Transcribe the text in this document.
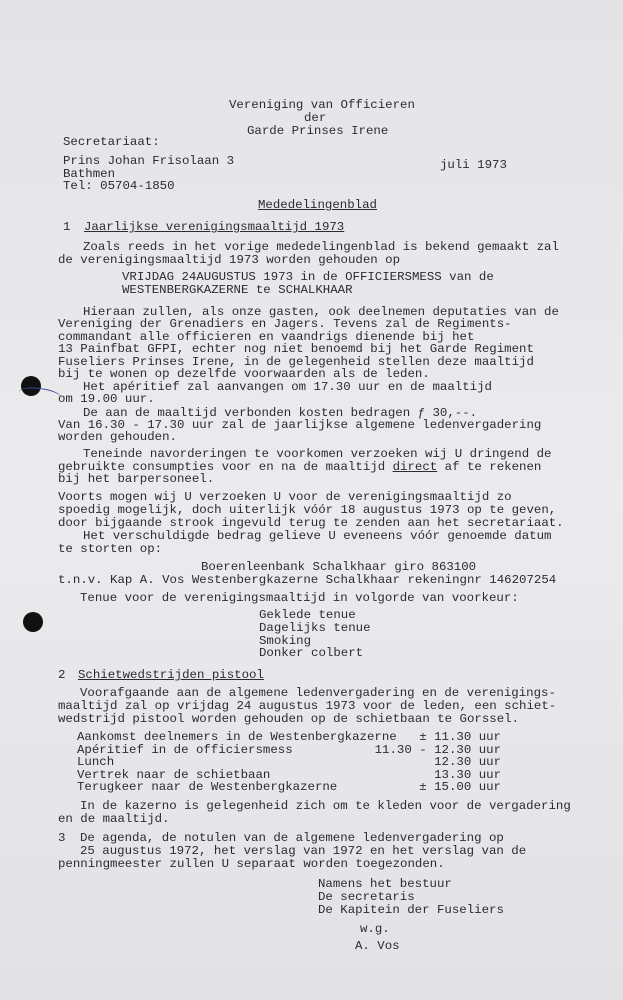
Vereniging van Officieren
der
Garde Prinses Irene
Secretariaat:
Prins Johan Frisolaan 3
Bathmen
Tel: 05704-1850
juli 1973
Mededelingenblad
1 Jaarlijkse verenigingsmaaltijd 1973
Zoals reeds in het vorige mededelingenblad is bekend gemaakt zal
de verenigingsmaaltijd 1973 worden gehouden op
VRIJDAG 24AUGUSTUS 1973 in de OFFICIERSMESS van de
WESTENBERGKAZERNE te SCHALKHAAR
Hieraan zullen, als onze gasten, ook deelnemen deputaties van de
Vereniging der Grenadiers en Jagers. Tevens zal de Regiments-
commandant alle officieren en vaandrigs dienende bij het
13 Painfbat GFPI, echter nog niet benoemd bij het Garde Regiment
Fuseliers Prinses Irene, in de gelegenheid stellen deze maaltijd
bij te wonen op dezelfde voorwaarden als de leden.
Het apéritief zal aanvangen om 17.30 uur en de maaltijd
om 19.00 uur.
De aan de maaltijd verbonden kosten bedragen ƒ 30,--.
Van 16.30 - 17.30 uur zal de jaarlijkse algemene ledenvergadering
worden gehouden.
Teneinde navorderingen te voorkomen verzoeken wij U dringend de
gebruikte consumpties voor en na de maaltijd direct af te rekenen
bij het barpersoneel.
Voorts mogen wij U verzoeken U voor de verenigingsmaaltijd zo
spoedig mogelijk, doch uiterlijk vóór 18 augustus 1973 op te geven,
door bijgaande strook ingevuld terug te zenden aan het secretariaat.
Het verschuldigde bedrag gelieve U eveneens vóór genoemde datum
te storten op:
Boerenleenbank Schalkhaar giro 863100
t.n.v. Kap A. Vos Westenbergkazerne Schalkhaar rekeningnr 146207254
Tenue voor de verenigingsmaaltijd in volgorde van voorkeur:
Geklede tenue
Dagelijks tenue
Smoking
Donker colbert
2 Schietwedstrijden pistool
Voorafgaande aan de algemene ledenvergadering en de verenigings-
maaltijd zal op vrijdag 24 augustus 1973 voor de leden, een schiet-
wedstrijd pistool worden gehouden op de schietbaan te Gorssel.
Aankomst deelnemers in de Westenbergkazerne ± 11.30 uur
Apéritief in de officiersmess	11.30 - 12.30 uur
Lunch	12.30 uur
Vertrek naar de schietbaan	13.30 uur
Terugkeer naar de Westenbergkazerne	± 15.00 uur
In de kazerno is gelegenheid zich om te kleden voor de vergadering
en de maaltijd.
3 De agenda, de notulen van de algemene ledenvergadering op
25 augustus 1972, het verslag van 1972 en het verslag van de
penningmeester zullen U separaat worden toegezonden.
Namens het bestuur
De secretaris
De Kapitein der Fuseliers
w.g.
A. Vos
